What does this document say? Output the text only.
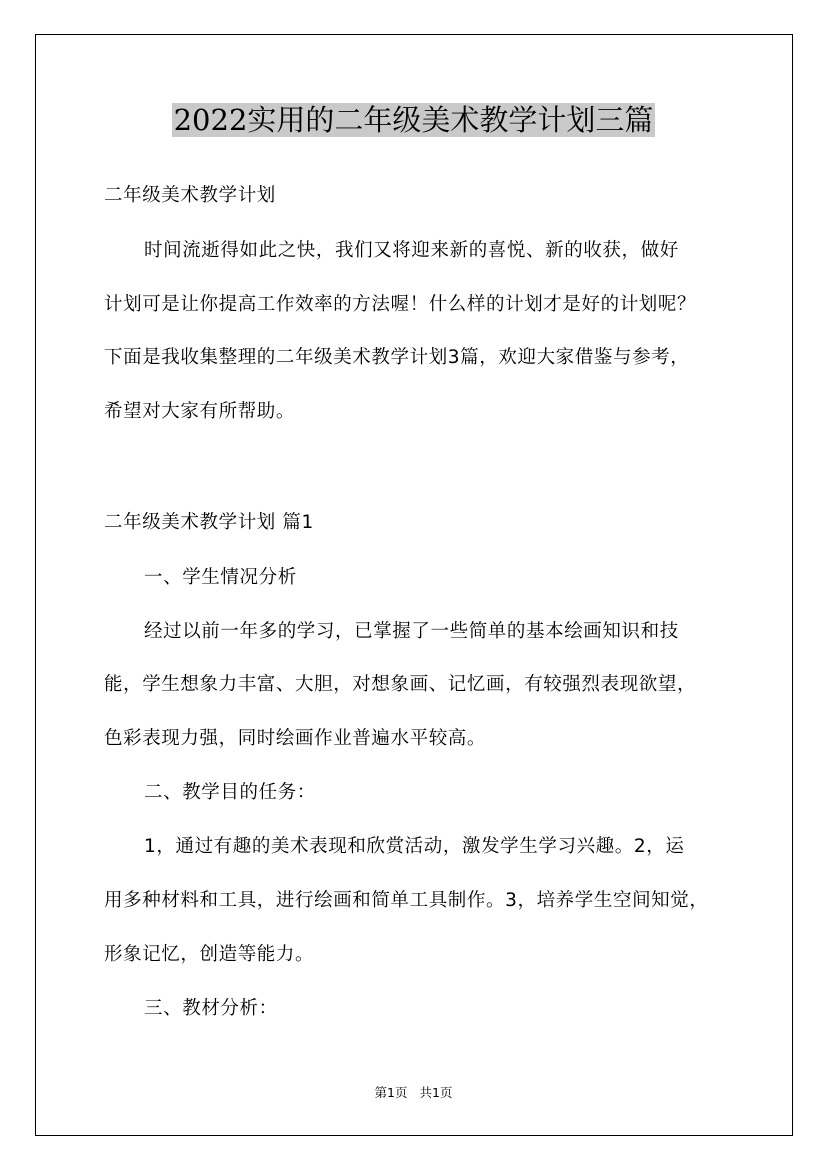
2022实用的二年级美术教学计划三篇
二年级美术教学计划
时间流逝得如此之快，我们又将迎来新的喜悦、新的收获，做好
计划可是让你提高工作效率的方法喔！什么样的计划才是好的计划呢？
下面是我收集整理的二年级美术教学计划3篇，欢迎大家借鉴与参考，
希望对大家有所帮助。
二年级美术教学计划 篇1
一、学生情况分析
经过以前一年多的学习，已掌握了一些简单的基本绘画知识和技
能，学生想象力丰富、大胆，对想象画、记忆画，有较强烈表现欲望，
色彩表现力强，同时绘画作业普遍水平较高。
二、教学目的任务：
1，通过有趣的美术表现和欣赏活动，激发学生学习兴趣。2，运
用多种材料和工具，进行绘画和简单工具制作。3，培养学生空间知觉，
形象记忆，创造等能力。
三、教材分析：
第1页 共1页
